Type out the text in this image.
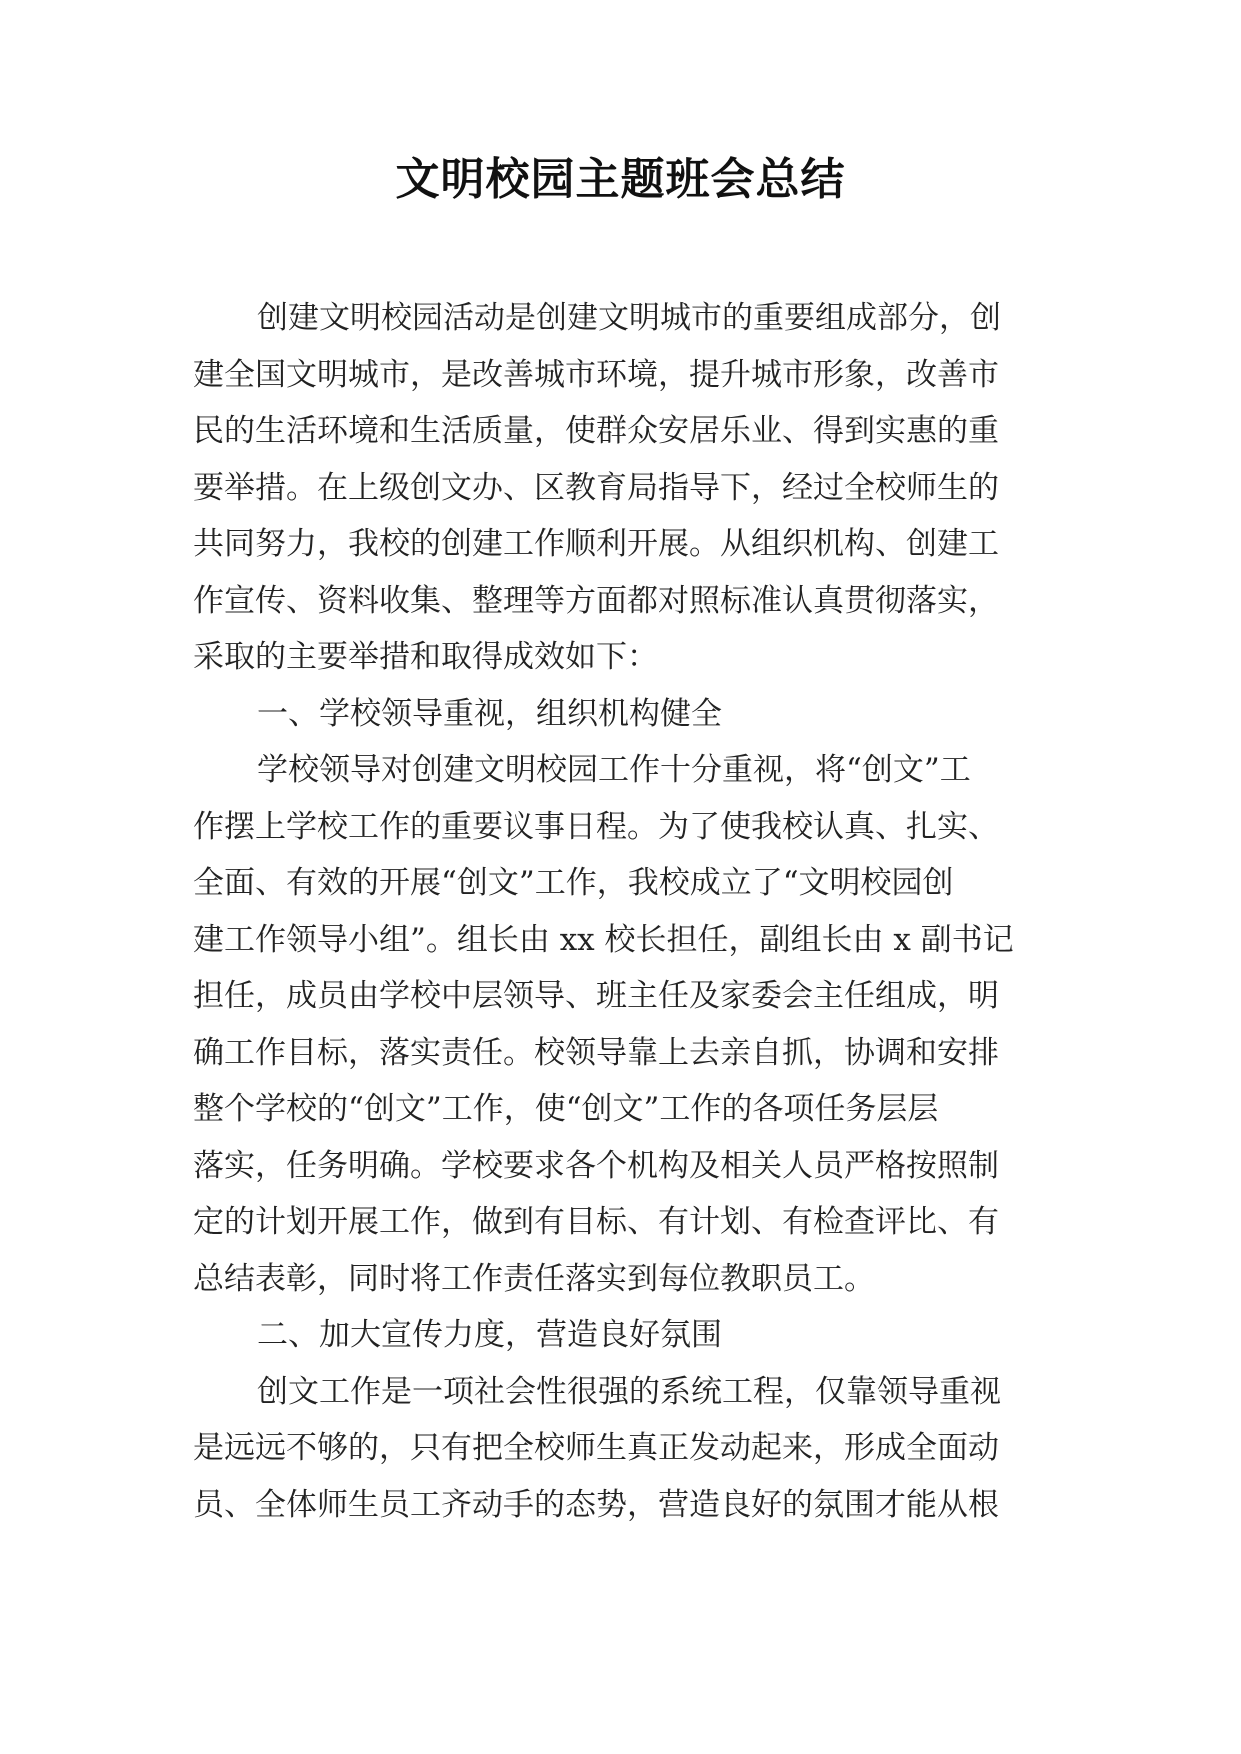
文明校园主题班会总结
创建文明校园活动是创建文明城市的重要组成部分，创
建全国文明城市，是改善城市环境，提升城市形象，改善市
民的生活环境和生活质量，使群众安居乐业、得到实惠的重
要举措。在上级创文办、区教育局指导下，经过全校师生的
共同努力，我校的创建工作顺利开展。从组织机构、创建工
作宣传、资料收集、整理等方面都对照标准认真贯彻落实，
采取的主要举措和取得成效如下：
一、学校领导重视，组织机构健全
学校领导对创建文明校园工作十分重视，将“创文”工
作摆上学校工作的重要议事日程。为了使我校认真、扎实、
全面、有效的开展“创文”工作，我校成立了“文明校园创
建工作领导小组”。组长由 xx 校长担任，副组长由 x 副书记
担任，成员由学校中层领导、班主任及家委会主任组成，明
确工作目标，落实责任。校领导靠上去亲自抓，协调和安排
整个学校的“创文”工作，使“创文”工作的各项任务层层
落实，任务明确。学校要求各个机构及相关人员严格按照制
定的计划开展工作，做到有目标、有计划、有检查评比、有
总结表彰，同时将工作责任落实到每位教职员工。
二、加大宣传力度，营造良好氛围
创文工作是一项社会性很强的系统工程，仅靠领导重视
是远远不够的，只有把全校师生真正发动起来，形成全面动
员、全体师生员工齐动手的态势，营造良好的氛围才能从根
